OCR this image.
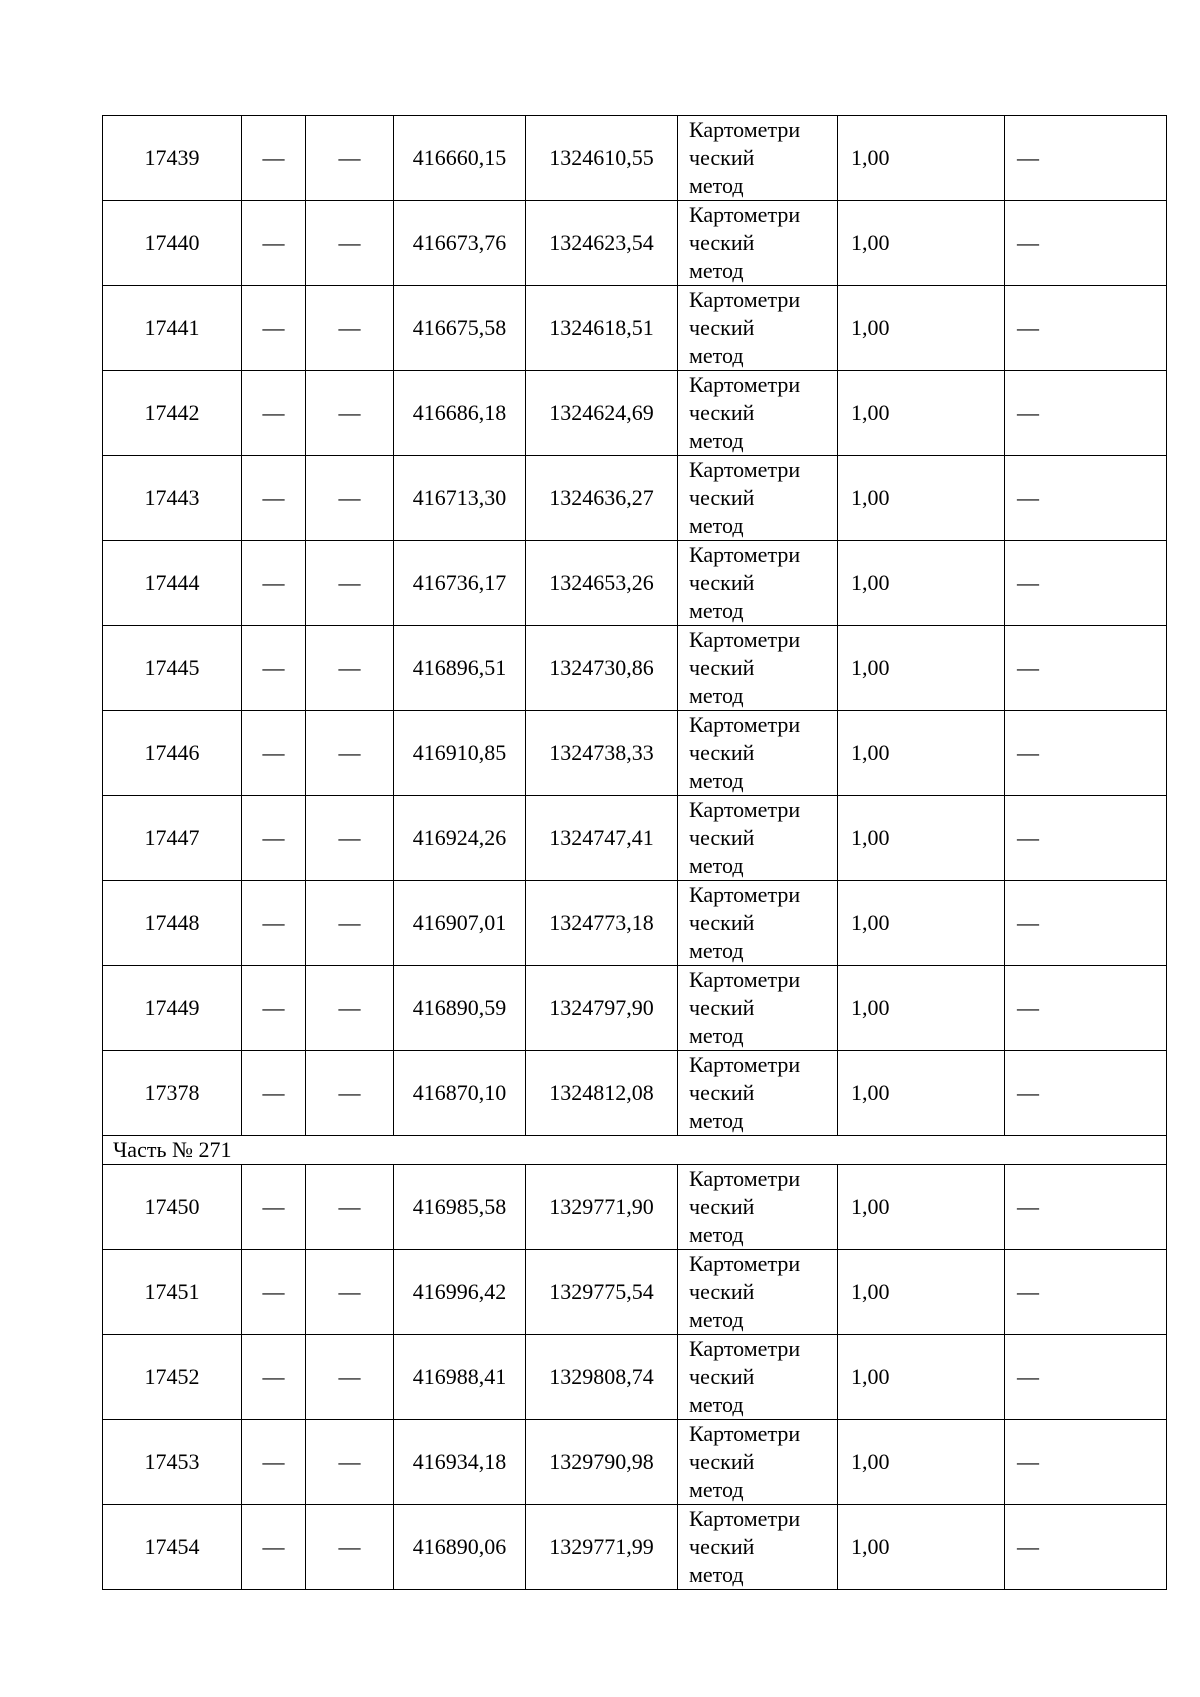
17439	—	—	416660,15	1324610,55	Картометри
ческий
метод	1,00	—
17440	—	—	416673,76	1324623,54	Картометри
ческий
метод	1,00	—
17441	—	—	416675,58	1324618,51	Картометри
ческий
метод	1,00	—
17442	—	—	416686,18	1324624,69	Картометри
ческий
метод	1,00	—
17443	—	—	416713,30	1324636,27	Картометри
ческий
метод	1,00	—
17444	—	—	416736,17	1324653,26	Картометри
ческий
метод	1,00	—
17445	—	—	416896,51	1324730,86	Картометри
ческий
метод	1,00	—
17446	—	—	416910,85	1324738,33	Картометри
ческий
метод	1,00	—
17447	—	—	416924,26	1324747,41	Картометри
ческий
метод	1,00	—
17448	—	—	416907,01	1324773,18	Картометри
ческий
метод	1,00	—
17449	—	—	416890,59	1324797,90	Картометри
ческий
метод	1,00	—
17378	—	—	416870,10	1324812,08	Картометри
ческий
метод	1,00	—
Часть № 271							
17450	—	—	416985,58	1329771,90	Картометри
ческий
метод	1,00	—
17451	—	—	416996,42	1329775,54	Картометри
ческий
метод	1,00	—
17452	—	—	416988,41	1329808,74	Картометри
ческий
метод	1,00	—
17453	—	—	416934,18	1329790,98	Картометри
ческий
метод	1,00	—
17454	—	—	416890,06	1329771,99	Картометри
ческий
метод	1,00	—
